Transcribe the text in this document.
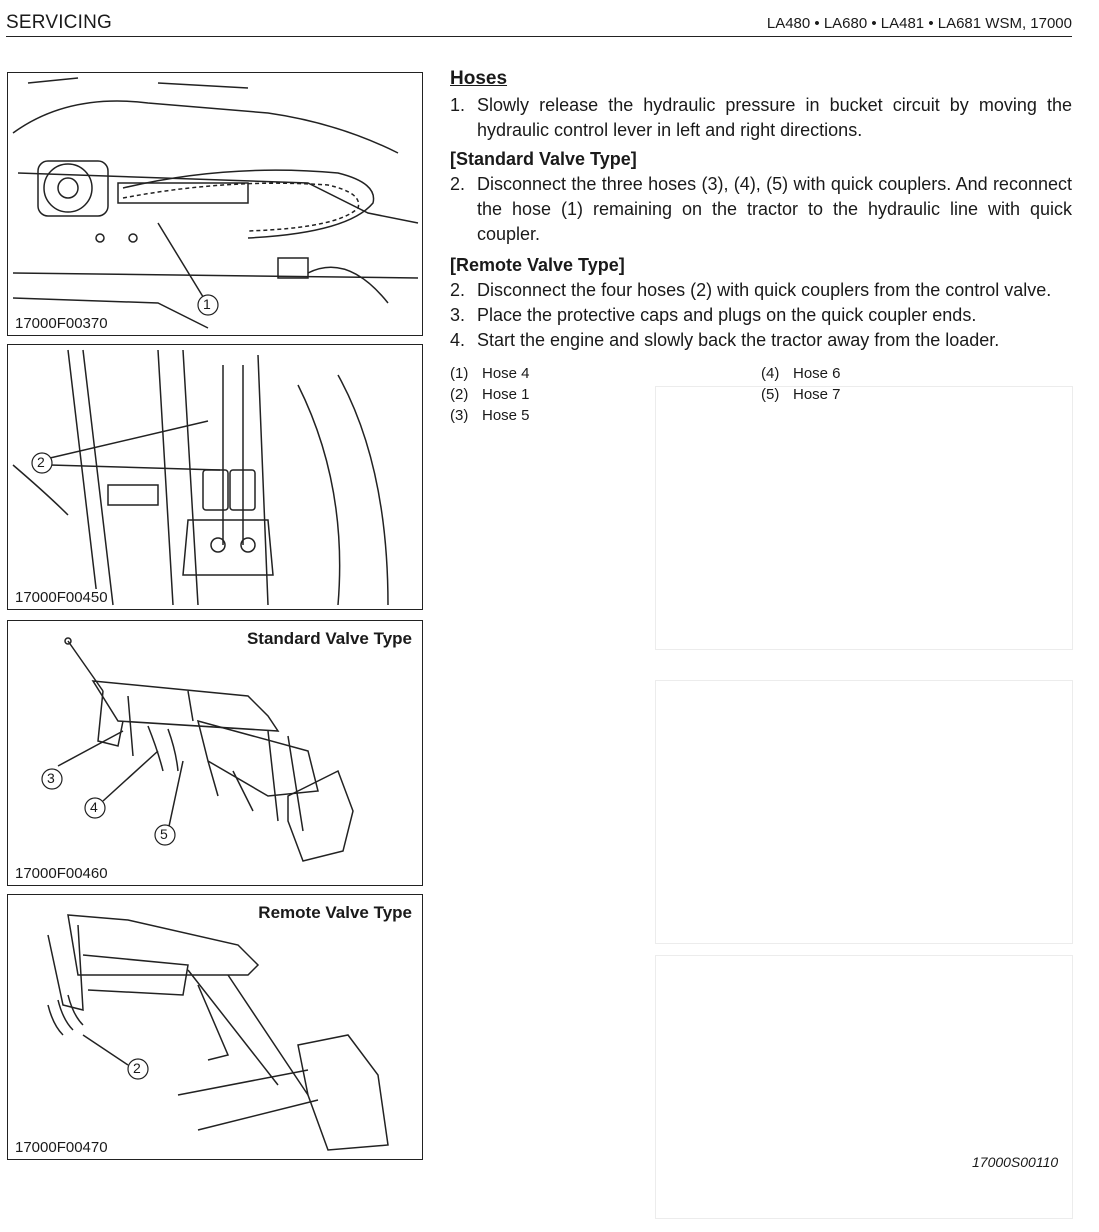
SERVICING	LA480 • LA680 • LA481 • LA681 WSM, 17000
1
17000F00370
2
17000F00450
3
4
5
Standard Valve Type
17000F00460
2
Remote Valve Type
17000F00470
Hoses
1. Slowly release the hydraulic pressure in bucket circuit by moving the hydraulic control lever in left and right directions.
[Standard Valve Type]
2. Disconnect the three hoses (3), (4), (5) with quick couplers. And reconnect the hose (1) remaining on the tractor to the hydraulic line with quick coupler.
[Remote Valve Type]
2. Disconnect the four hoses (2) with quick couplers from the control valve.
3. Place the protective caps and plugs on the quick coupler ends.
4. Start the engine and slowly back the tractor away from the loader.
(1) Hose 4
(2) Hose 1
(3) Hose 5
(4) Hose 6
(5) Hose 7
17000S00110
